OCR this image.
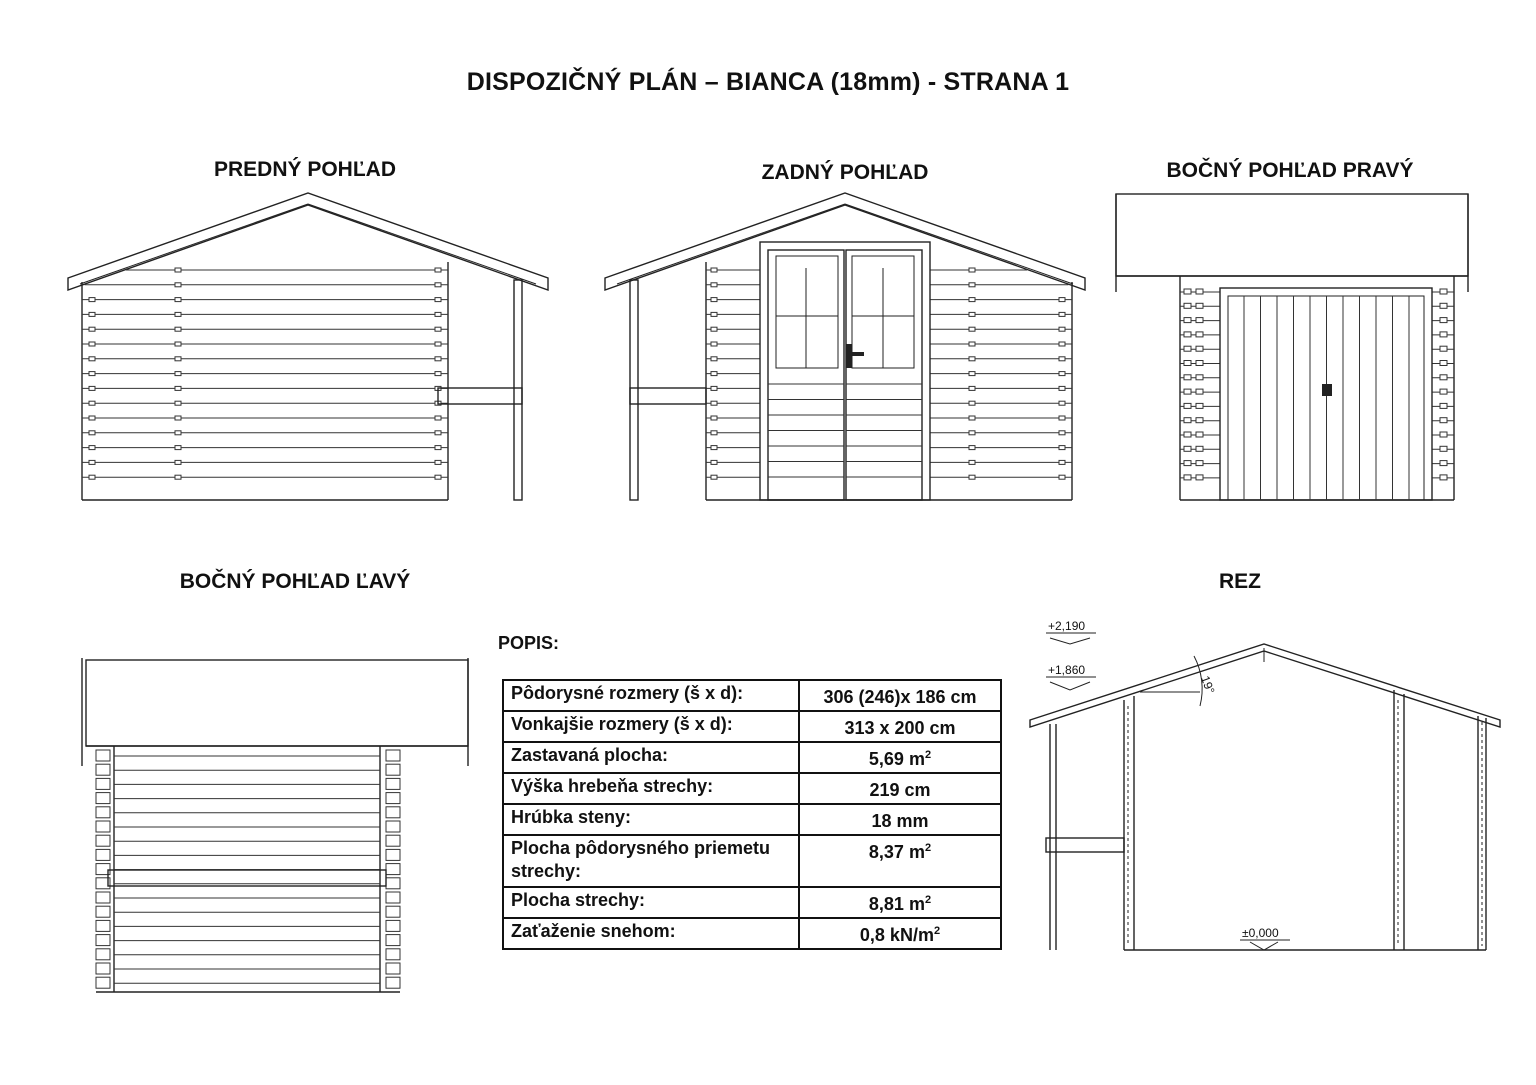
DISPOZIČNÝ PLÁN – BIANCA (18mm) - STRANA 1
PREDNÝ POHĽAD	ZADNÝ POHĽAD	BOČNÝ POHĽAD PRAVÝ
BOČNÝ POHĽAD ĽAVÝ	REZ
POPIS:
Pôdorysné rozmery (š x d):	306 (246)x 186 cm
Vonkajšie rozmery (š x d):	313 x 200 cm
Zastavaná plocha:	5,69 $m^2$
Výška hrebeňa strechy:	219 cm
Hrúbka steny:	18 mm
Plocha pôdorysného priemetu strechy:	8,37 $m^2$
Plocha strechy:	8,81 $m^2$
Zaťaženie snehom:	0,8 $kN/m^2$
+2,190
+1,860
±0,000
19°
